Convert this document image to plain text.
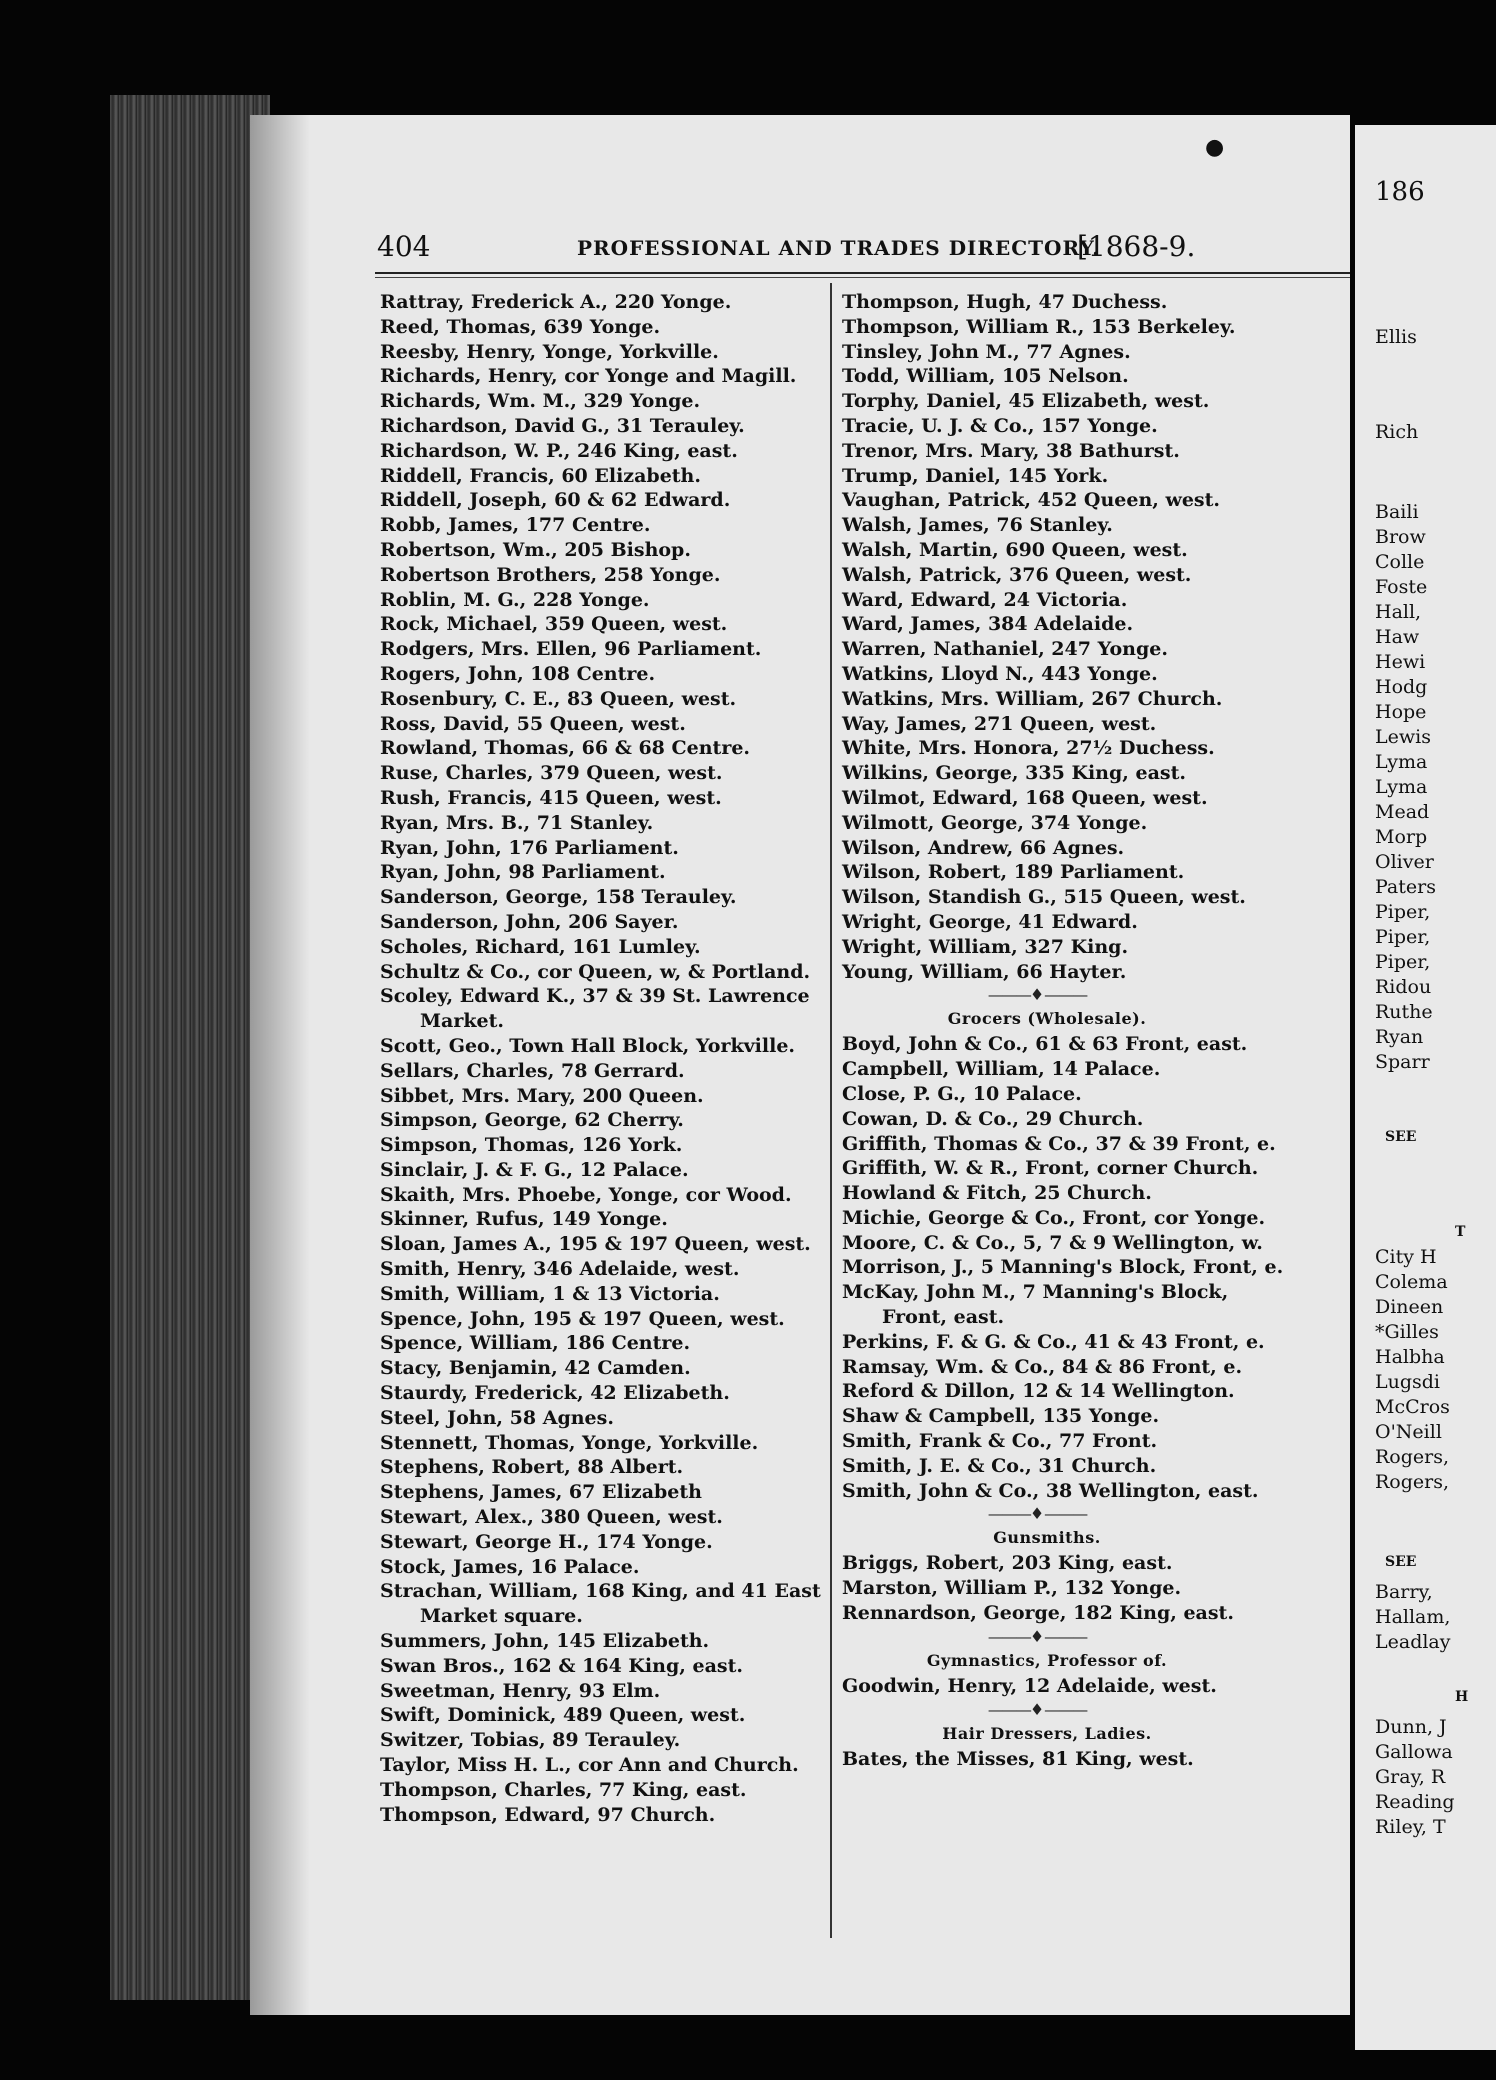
404	PROFESSIONAL AND TRADES DIRECTORY.
[1868-9.
●
Rattray, Frederick A., 220 Yonge.
Reed, Thomas, 639 Yonge.
Reesby, Henry, Yonge, Yorkville.
Richards, Henry, cor Yonge and Magill.
Richards, Wm. M., 329 Yonge.
Richardson, David G., 31 Terauley.
Richardson, W. P., 246 King, east.
Riddell, Francis, 60 Elizabeth.
Riddell, Joseph, 60 & 62 Edward.
Robb, James, 177 Centre.
Robertson, Wm., 205 Bishop.
Robertson Brothers, 258 Yonge.
Roblin, M. G., 228 Yonge.
Rock, Michael, 359 Queen, west.
Rodgers, Mrs. Ellen, 96 Parliament.
Rogers, John, 108 Centre.
Rosenbury, C. E., 83 Queen, west.
Ross, David, 55 Queen, west.
Rowland, Thomas, 66 & 68 Centre.
Ruse, Charles, 379 Queen, west.
Rush, Francis, 415 Queen, west.
Ryan, Mrs. B., 71 Stanley.
Ryan, John, 176 Parliament.
Ryan, John, 98 Parliament.
Sanderson, George, 158 Terauley.
Sanderson, John, 206 Sayer.
Scholes, Richard, 161 Lumley.
Schultz & Co., cor Queen, w, & Portland.
Scoley, Edward K., 37 & 39 St. Lawrence
Market.
Scott, Geo., Town Hall Block, Yorkville.
Sellars, Charles, 78 Gerrard.
Sibbet, Mrs. Mary, 200 Queen.
Simpson, George, 62 Cherry.
Simpson, Thomas, 126 York.
Sinclair, J. & F. G., 12 Palace.
Skaith, Mrs. Phoebe, Yonge, cor Wood.
Skinner, Rufus, 149 Yonge.
Sloan, James A., 195 & 197 Queen, west.
Smith, Henry, 346 Adelaide, west.
Smith, William, 1 & 13 Victoria.
Spence, John, 195 & 197 Queen, west.
Spence, William, 186 Centre.
Stacy, Benjamin, 42 Camden.
Staurdy, Frederick, 42 Elizabeth.
Steel, John, 58 Agnes.
Stennett, Thomas, Yonge, Yorkville.
Stephens, Robert, 88 Albert.
Stephens, James, 67 Elizabeth
Stewart, Alex., 380 Queen, west.
Stewart, George H., 174 Yonge.
Stock, James, 16 Palace.
Strachan, William, 168 King, and 41 East
Market square.
Summers, John, 145 Elizabeth.
Swan Bros., 162 & 164 King, east.
Sweetman, Henry, 93 Elm.
Swift, Dominick, 489 Queen, west.
Switzer, Tobias, 89 Terauley.
Taylor, Miss H. L., cor Ann and Church.
Thompson, Charles, 77 King, east.
Thompson, Edward, 97 Church.
Thompson, Hugh, 47 Duchess.
Thompson, William R., 153 Berkeley.
Tinsley, John M., 77 Agnes.
Todd, William, 105 Nelson.
Torphy, Daniel, 45 Elizabeth, west.
Tracie, U. J. & Co., 157 Yonge.
Trenor, Mrs. Mary, 38 Bathurst.
Trump, Daniel, 145 York.
Vaughan, Patrick, 452 Queen, west.
Walsh, James, 76 Stanley.
Walsh, Martin, 690 Queen, west.
Walsh, Patrick, 376 Queen, west.
Ward, Edward, 24 Victoria.
Ward, James, 384 Adelaide.
Warren, Nathaniel, 247 Yonge.
Watkins, Lloyd N., 443 Yonge.
Watkins, Mrs. William, 267 Church.
Way, James, 271 Queen, west.
White, Mrs. Honora, 27½ Duchess.
Wilkins, George, 335 King, east.
Wilmot, Edward, 168 Queen, west.
Wilmott, George, 374 Yonge.
Wilson, Andrew, 66 Agnes.
Wilson, Robert, 189 Parliament.
Wilson, Standish G., 515 Queen, west.
Wright, George, 41 Edward.
Wright, William, 327 King.
Young, William, 66 Hayter.
———♦———
Grocers (Wholesale).
Boyd, John & Co., 61 & 63 Front, east.
Campbell, William, 14 Palace.
Close, P. G., 10 Palace.
Cowan, D. & Co., 29 Church.
Griffith, Thomas & Co., 37 & 39 Front, e.
Griffith, W. & R., Front, corner Church.
Howland & Fitch, 25 Church.
Michie, George & Co., Front, cor Yonge.
Moore, C. & Co., 5, 7 & 9 Wellington, w.
Morrison, J., 5 Manning's Block, Front, e.
McKay, John M., 7 Manning's Block,
Front, east.
Perkins, F. & G. & Co., 41 & 43 Front, e.
Ramsay, Wm. & Co., 84 & 86 Front, e.
Reford & Dillon, 12 & 14 Wellington.
Shaw & Campbell, 135 Yonge.
Smith, Frank & Co., 77 Front.
Smith, J. E. & Co., 31 Church.
Smith, John & Co., 38 Wellington, east.
———♦———
Gunsmiths.
Briggs, Robert, 203 King, east.
Marston, William P., 132 Yonge.
Rennardson, George, 182 King, east.
———♦———
Gymnastics, Professor of.
Goodwin, Henry, 12 Adelaide, west.
———♦———
Hair Dressers, Ladies.
Bates, the Misses, 81 King, west.
186
Ellis
Rich
Baili
Brow
Colle
Foste
Hall,
Haw
Hewi
Hodg
Hope
Lewis
Lyma
Lyma
Mead
Morp
Oliver
Paters
Piper,
Piper,
Piper,
Ridou
Ruthe
Ryan
Sparr
SEE
T
City H
Colema
Dineen
*Gilles
Halbha
Lugsdi
McCros
O'Neill
Rogers,
Rogers,
SEE
Barry,
Hallam,
Leadlay
H
Dunn, J
Gallowa
Gray, R
Reading
Riley, T
